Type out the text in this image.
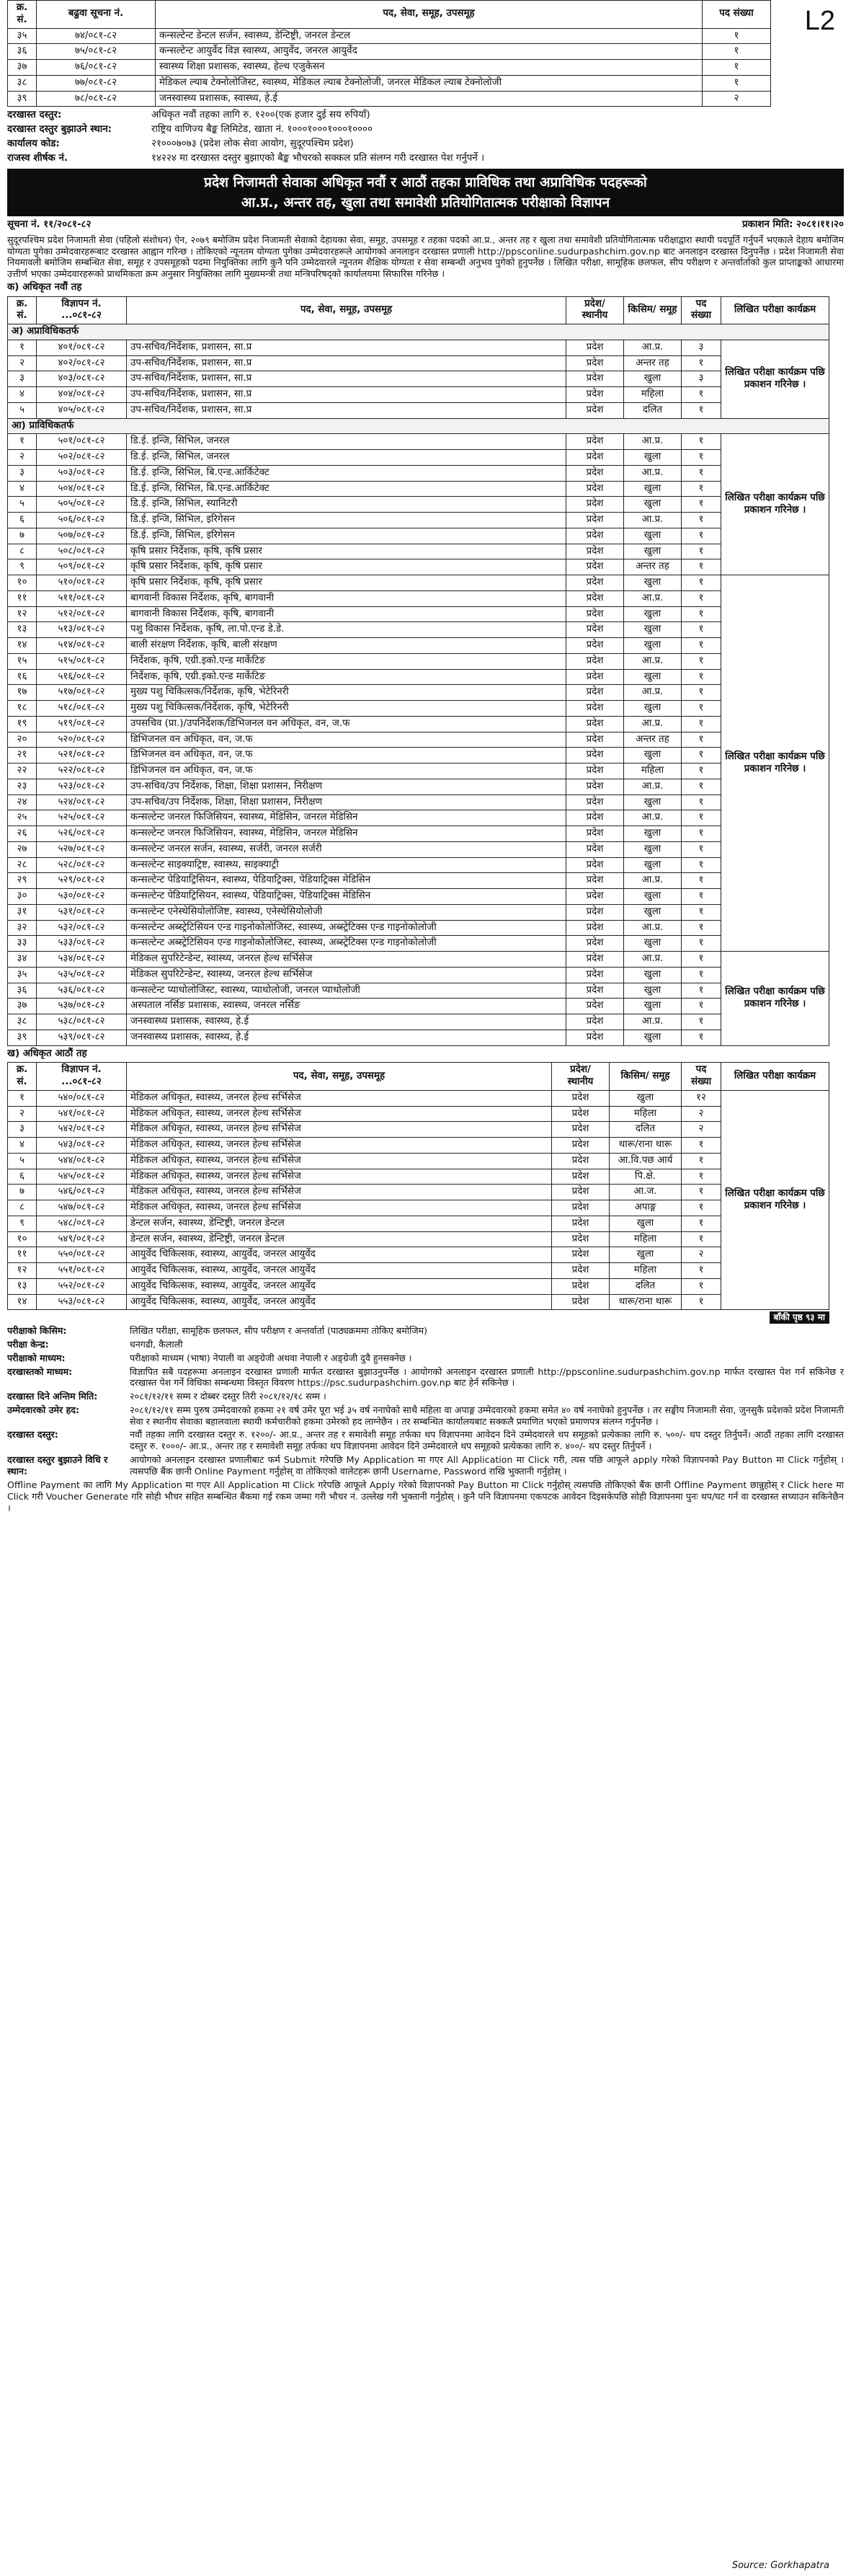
L2
क्र. सं.	बढुवा सूचना नं.	पद, सेवा, समूह, उपसमूह	पद संख्या
३५	७४/०८१-८२	कन्सल्टेन्ट डेन्टल सर्जन, स्वास्थ्य, डेन्टिष्ट्री, जनरल डेन्टल	१
३६	७५/०८१-८२	कन्सल्टेन्ट आयुर्वेद विज्ञ स्वास्थ्य, आयुर्वेद, जनरल आयुर्वेद	१
३७	७६/०८१-८२	स्वास्थ्य शिक्षा प्रशासक, स्वास्थ्य, हेल्थ एजुकेसन	१
३८	७७/०८१-८२	मेडिकल ल्याब टेक्नोलोजिस्ट, स्वास्थ्य, मेडिकल ल्याब टेक्नोलोजी, जनरल मेडिकल ल्याब टेक्नोलोजी	१
३९	७८/०८१-८२	जनस्वास्थ्य प्रशासक, स्वास्थ्य, हे.ई	२
दरखास्त दस्तुर:	अधिकृत नवौं तहका लागि रु. १२००(एक हजार दुई सय रुपियाँ)
दरखास्त दस्तुर बुझाउने स्थान:	राष्ट्रिय वाणिज्य बैङ्क लिमिटेड, खाता नं. १०००१०००१०००१००००
कार्यालय कोड:	२१०००७०७३ (प्रदेश लोक सेवा आयोग, सुदूरपश्चिम प्रदेश)
राजस्व शीर्षक नं.	१४२२४ मा दरखास्त दस्तुर बुझाएको बैङ्क भौचरको सक्कल प्रति संलग्न गरी दरखास्त पेश गर्नुपर्ने ।
प्रदेश निजामती सेवाका अधिकृत नवौं र आठौं तहका प्राविधिक तथा अप्राविधिक पदहरूको
आ.प्र., अन्तर तह, खुला तथा समावेशी प्रतियोगितात्मक परीक्षाको विज्ञापन
सूचना नं. ११/२०८१-८२	प्रकाशन मिति: २०८१।११।२०
सुदूरपश्चिम प्रदेश निजामती सेवा (पहिलो संशोधन) ऐन, २०७९ बमोजिम प्रदेश निजामती सेवाको देहायका सेवा, समूह, उपसमूह र तहका पदको आ.प्र., अन्तर तह र खुला तथा समावेशी प्रतियोगितात्मक परीक्षाद्वारा स्थायी पदपूर्ति गर्नुपर्ने भएकाले देहाय बमोजिम योग्यता पुगेका उम्मेदवारहरूबाट दरखास्त आह्वान गरिन्छ । तोकिएको न्यूनतम योग्यता पुगेका उम्मेदवारहरूले आयोगको अनलाइन दरखास्त प्रणाली http://ppsconline.sudurpashchim.gov.np बाट अनलाइन दरखास्त दिनुपर्नेछ । प्रदेश निजामती सेवा नियमावली बमोजिम सम्बन्धित सेवा, समूह र उपसमूहको पदमा नियुक्तिका लागि कुनै पनि उम्मेदवारले न्यूनतम शैक्षिक योग्यता र सेवा सम्बन्धी अनुभव पुगेको हुनुपर्नेछ । लिखित परीक्षा, सामूहिक छलफल, सीप परीक्षण र अन्तर्वार्ताको कुल प्राप्ताङ्कको आधारमा उत्तीर्ण भएका उम्मेदवारहरूको प्राथमिकता क्रम अनुसार नियुक्तिका लागि मुख्यमन्त्री तथा मन्त्रिपरिषद्को कार्यालयमा सिफारिस गरिनेछ ।
क) अधिकृत नवौं तह
क्र. सं.	विज्ञापन नं. ...०८१-८२	पद, सेवा, समूह, उपसमूह	प्रदेश/ स्थानीय	किसिम/ समूह	पद संख्या	लिखित परीक्षा कार्यक्रम
अ) अप्राविधिकतर्फ						
१	४०१/०८१-८२	उप-सचिव/निर्देशक, प्रशासन, सा.प्र	प्रदेश	आ.प्र.	३	लिखित परीक्षा कार्यक्रम पछि प्रकाशन गरिनेछ ।
२	४०२/०८१-८२	उप-सचिव/निर्देशक, प्रशासन, सा.प्र	प्रदेश	अन्तर तह	१	
३	४०३/०८१-८२	उप-सचिव/निर्देशक, प्रशासन, सा.प्र	प्रदेश	खुला	३	
४	४०४/०८१-८२	उप-सचिव/निर्देशक, प्रशासन, सा.प्र	प्रदेश	महिला	१	
५	४०५/०८१-८२	उप-सचिव/निर्देशक, प्रशासन, सा.प्र	प्रदेश	दलित	१	
आ) प्राविधिकतर्फ						
१	५०१/०८१-८२	डि.ई. इन्जि, सिभिल, जनरल	प्रदेश	आ.प्र.	१	लिखित परीक्षा कार्यक्रम पछि प्रकाशन गरिनेछ ।
२	५०२/०८१-८२	डि.ई. इन्जि, सिभिल, जनरल	प्रदेश	खुला	१	
३	५०३/०८१-८२	डि.ई. इन्जि, सिभिल, बि.एन्ड.आर्किटेक्ट	प्रदेश	आ.प्र.	१	
४	५०४/०८१-८२	डि.ई. इन्जि, सिभिल, बि.एन्ड.आर्किटेक्ट	प्रदेश	खुला	१	
५	५०५/०८१-८२	डि.ई. इन्जि, सिभिल, स्यानिटरी	प्रदेश	खुला	१	
६	५०६/०८१-८२	डि.ई. इन्जि, सिभिल, इरिगेसन	प्रदेश	आ.प्र.	१	
७	५०७/०८१-८२	डि.ई. इन्जि, सिभिल, इरिगेसन	प्रदेश	खुला	१	
८	५०८/०८१-८२	कृषि प्रसार निर्देशक, कृषि, कृषि प्रसार	प्रदेश	खुला	१	
९	५०९/०८१-८२	कृषि प्रसार निर्देशक, कृषि, कृषि प्रसार	प्रदेश	अन्तर तह	१	
१०	५१०/०८१-८२	कृषि प्रसार निर्देशक, कृषि, कृषि प्रसार	प्रदेश	खुला	१	लिखित परीक्षा कार्यक्रम पछि प्रकाशन गरिनेछ ।
११	५११/०८१-८२	बागवानी विकास निर्देशक, कृषि, बागवानी	प्रदेश	आ.प्र.	१	
१२	५१२/०८१-८२	बागवानी विकास निर्देशक, कृषि, बागवानी	प्रदेश	खुला	१	
१३	५१३/०८१-८२	पशु विकास निर्देशक, कृषि, ला.पो.एन्ड डे.डे.	प्रदेश	खुला	१	
१४	५१४/०८१-८२	बाली संरक्षण निर्देशक, कृषि, बाली संरक्षण	प्रदेश	खुला	१	
१५	५१५/०८१-८२	निर्देशक, कृषि, एग्री.इको.एन्ड मार्केटिङ	प्रदेश	आ.प्र.	१	
१६	५१६/०८१-८२	निर्देशक, कृषि, एग्री.इको.एन्ड मार्केटिङ	प्रदेश	खुला	१	
१७	५१७/०८१-८२	मुख्य पशु चिकित्सक/निर्देशक, कृषि, भेटेरिनरी	प्रदेश	आ.प्र.	१	
१८	५१८/०८१-८२	मुख्य पशु चिकित्सक/निर्देशक, कृषि, भेटेरिनरी	प्रदेश	खुला	१	
१९	५१९/०८१-८२	उपसचिव (प्रा.)/उपनिर्देशक/डिभिजनल वन अधिकृत, वन, ज.फ	प्रदेश	आ.प्र.	१	
२०	५२०/०८१-८२	डिभिजनल वन अधिकृत, वन, ज.फ	प्रदेश	अन्तर तह	१	
२१	५२१/०८१-८२	डिभिजनल वन अधिकृत, वन, ज.फ	प्रदेश	खुला	१	
२२	५२२/०८१-८२	डिभिजनल वन अधिकृत, वन, ज.फ	प्रदेश	महिला	१	
२३	५२३/०८१-८२	उप-सचिव/उप निर्देशक, शिक्षा, शिक्षा प्रशासन, निरीक्षण	प्रदेश	आ.प्र.	१	
२४	५२४/०८१-८२	उप-सचिव/उप निर्देशक, शिक्षा, शिक्षा प्रशासन, निरीक्षण	प्रदेश	खुला	१	
२५	५२५/०८१-८२	कन्सल्टेन्ट जनरल फिजिसियन, स्वास्थ्य, मेडिसिन, जनरल मेडिसिन	प्रदेश	आ.प्र.	१	
२६	५२६/०८१-८२	कन्सल्टेन्ट जनरल फिजिसियन, स्वास्थ्य, मेडिसिन, जनरल मेडिसिन	प्रदेश	खुला	१	
२७	५२७/०८१-८२	कन्सल्टेन्ट जनरल सर्जन, स्वास्थ्य, सर्जरी, जनरल सर्जरी	प्रदेश	खुला	१	
२८	५२८/०८१-८२	कन्सल्टेन्ट साइक्याट्रिष्ट, स्वास्थ्य, साइक्याट्री	प्रदेश	खुला	१	
२९	५२९/०८१-८२	कन्सल्टेन्ट पेडियाट्रिसियन, स्वास्थ्य, पेडियाट्रिक्स, पेडियाट्रिक्स मेडिसिन	प्रदेश	आ.प्र.	१	
३०	५३०/०८१-८२	कन्सल्टेन्ट पेडियाट्रिसियन, स्वास्थ्य, पेडियाट्रिक्स, पेडियाट्रिक्स मेडिसिन	प्रदेश	खुला	१	
३१	५३१/०८१-८२	कन्सल्टेन्ट एनेस्थेसियोलोजिष्ट, स्वास्थ्य, एनेस्थेसियोलोजी	प्रदेश	खुला	१	
३२	५३२/०८१-८२	कन्सल्टेन्ट अब्स्ट्रेटिसियन एन्ड गाइनोकोलोजिस्ट, स्वास्थ्य, अब्स्ट्रेटिक्स एन्ड गाइनोकोलोजी	प्रदेश	आ.प्र.	१	
३३	५३३/०८१-८२	कन्सल्टेन्ट अब्स्ट्रेटिसियन एन्ड गाइनोकोलोजिस्ट, स्वास्थ्य, अब्स्ट्रेटिक्स एन्ड गाइनोकोलोजी	प्रदेश	खुला	१	
३४	५३४/०८१-८२	मेडिकल सुपरिटेन्डेन्ट, स्वास्थ्य, जनरल हेल्थ सर्भिसेज	प्रदेश	आ.प्र.	१	लिखित परीक्षा कार्यक्रम पछि प्रकाशन गरिनेछ ।
३५	५३५/०८१-८२	मेडिकल सुपरिटेन्डेन्ट, स्वास्थ्य, जनरल हेल्थ सर्भिसेज	प्रदेश	खुला	१	
३६	५३६/०८१-८२	कन्सल्टेन्ट प्याथोलोजिस्ट, स्वास्थ्य, प्याथोलोजी, जनरल प्याथोलोजी	प्रदेश	खुला	१	
३७	५३७/०८१-८२	अस्पताल नर्सिङ प्रशासक, स्वास्थ्य, जनरल नर्सिङ	प्रदेश	खुला	१	
३८	५३८/०८१-८२	जनस्वास्थ्य प्रशासक, स्वास्थ्य, हे.ई	प्रदेश	आ.प्र.	१	
३९	५३९/०८१-८२	जनस्वास्थ्य प्रशासक, स्वास्थ्य, हे.ई	प्रदेश	खुला	१	
ख) अधिकृत आठौं तह
क्र. सं.	विज्ञापन नं. ...०८१-८२	पद, सेवा, समूह, उपसमूह	प्रदेश/ स्थानीय	किसिम/ समूह	पद संख्या	लिखित परीक्षा कार्यक्रम
१	५४०/०८१-८२	मेडिकल अधिकृत, स्वास्थ्य, जनरल हेल्थ सर्भिसेज	प्रदेश	खुला	१२	लिखित परीक्षा कार्यक्रम पछि प्रकाशन गरिनेछ ।
२	५४१/०८१-८२	मेडिकल अधिकृत, स्वास्थ्य, जनरल हेल्थ सर्भिसेज	प्रदेश	महिला	२	
३	५४२/०८१-८२	मेडिकल अधिकृत, स्वास्थ्य, जनरल हेल्थ सर्भिसेज	प्रदेश	दलित	२	
४	५४३/०८१-८२	मेडिकल अधिकृत, स्वास्थ्य, जनरल हेल्थ सर्भिसेज	प्रदेश	थारू/राना थारू	१	
५	५४४/०८१-८२	मेडिकल अधिकृत, स्वास्थ्य, जनरल हेल्थ सर्भिसेज	प्रदेश	आ.वि.पछ आर्य	१	
६	५४५/०८१-८२	मेडिकल अधिकृत, स्वास्थ्य, जनरल हेल्थ सर्भिसेज	प्रदेश	पि.क्षे.	१	
७	५४६/०८१-८२	मेडिकल अधिकृत, स्वास्थ्य, जनरल हेल्थ सर्भिसेज	प्रदेश	आ.ज.	१	
८	५४७/०८१-८२	मेडिकल अधिकृत, स्वास्थ्य, जनरल हेल्थ सर्भिसेज	प्रदेश	अपाङ्ग	१	
९	५४८/०८१-८२	डेन्टल सर्जन, स्वास्थ्य, डेन्टिष्ट्री, जनरल डेन्टल	प्रदेश	खुला	१	
१०	५४९/०८१-८२	डेन्टल सर्जन, स्वास्थ्य, डेन्टिष्ट्री, जनरल डेन्टल	प्रदेश	महिला	१	
११	५५०/०८१-८२	आयुर्वेद चिकित्सक, स्वास्थ्य, आयुर्वेद, जनरल आयुर्वेद	प्रदेश	खुला	२	
१२	५५१/०८१-८२	आयुर्वेद चिकित्सक, स्वास्थ्य, आयुर्वेद, जनरल आयुर्वेद	प्रदेश	महिला	१	
१३	५५२/०८१-८२	आयुर्वेद चिकित्सक, स्वास्थ्य, आयुर्वेद, जनरल आयुर्वेद	प्रदेश	दलित	१	
१४	५५३/०८१-८२	आयुर्वेद चिकित्सक, स्वास्थ्य, आयुर्वेद, जनरल आयुर्वेद	प्रदेश	थारू/राना थारू	१	
बाँकी पृष्ठ ९३ मा
परीक्षाको किसिम:	लिखित परीक्षा, सामूहिक छलफल, सीप परीक्षण र अन्तर्वार्ता (पाठ्यक्रममा तोकिए बमोजिम)
परीक्षा केन्द्र:	धनगढी, कैलाली
परीक्षाको माध्यम:	परीक्षाको माध्यम (भाषा) नेपाली वा अङ्ग्रेजी अथवा नेपाली र अङ्ग्रेजी दुवै हुनसक्नेछ ।
दरखास्तको माध्यम:	विज्ञापित सबै पदहरूमा अनलाइन दरखास्त प्रणाली मार्फत दरखास्त बुझाउनुपर्नेछ । आयोगको अनलाइन दरखास्त प्रणाली http://ppsconline.sudurpashchim.gov.np मार्फत दरखास्त पेश गर्न सकिनेछ र दरखास्त पेश गर्ने विधिका सम्बन्धमा विस्तृत विवरण https://psc.sudurpashchim.gov.np बाट हेर्न सकिनेछ ।
दरखास्त दिने अन्तिम मिति:	२०८१/१२/११ सम्म र दोब्बर दस्तुर तिरी २०८१/१२/१८ सम्म ।
उम्मेदवारको उमेर हद:	२०८१/१२/११ सम्म पुरुष उम्मेदवारको हकमा २१ वर्ष उमेर पूरा भई ३५ वर्ष ननाघेको साथै महिला वा अपाङ्ग उम्मेदवारको हकमा समेत ४० वर्ष ननाघेको हुनुपर्नेछ । तर सङ्घीय निजामती सेवा, जुनसुकै प्रदेशको प्रदेश निजामती सेवा र स्थानीय सेवाका बहालवाला स्थायी कर्मचारीको हकमा उमेरको हद लाग्नेछैन । तर सम्बन्धित कार्यालयबाट सक्कलै प्रमाणित भएको प्रमाणपत्र संलग्न गर्नुपर्नेछ ।
दरखास्त दस्तुर:	नवौं तहका लागि दरखास्त दस्तुर रु. १२००/- आ.प्र., अन्तर तह र समावेशी समूह तर्फका थप विज्ञापनमा आवेदन दिने उम्मेदवारले थप समूहको प्रत्येकका लागि रु. ५००/- थप दस्तुर तिर्नुपर्ने। आठौं तहका लागि दरखास्त दस्तुर रु. १०००/- आ.प्र., अन्तर तह र समावेशी समूह तर्फका थप विज्ञापनमा आवेदन दिने उम्मेदवारले थप समूहको प्रत्येकका लागि रु. ४००/- थप दस्तुर तिर्नुपर्ने ।
दरखास्त दस्तुर बुझाउने विधि र स्थान:
आयोगको अनलाइन दरखास्त प्रणालीबाट फर्म Submit गरेपछि My Application मा गएर All Application मा Click गरी, त्यस पछि आफूले apply गरेको विज्ञापनको Pay Button मा Click गर्नुहोस् । त्यसपछि बैंक छानी Online Payment गर्नुहोस् वा तोकिएको वालेटहरू छानी Username, Password राखि भुक्तानी गर्नुहोस् ।
Offline Payment का लागि My Application मा गएर All Application मा Click गरेपछि आफूले Apply गरेको विज्ञापनको Pay Button मा Click गर्नुहोस् त्यसपछि तोकिएको बैंक छानी Offline Payment छान्नुहोस् र Click here मा Click गरी Voucher Generate गरि सोही भौचर सहित सम्बन्धित बैंकमा गई रकम जम्मा गरी भौचर नं. उल्लेख गरी भुक्तानी गर्नुहोस् । कुनै पनि विज्ञापनमा एकपटक आवेदन दिइसकेपछि सोही विज्ञापनमा पुनः थप/घट गर्न वा दरखास्त सच्याउन सकिनेछैन ।
Source: Gorkhapatra
